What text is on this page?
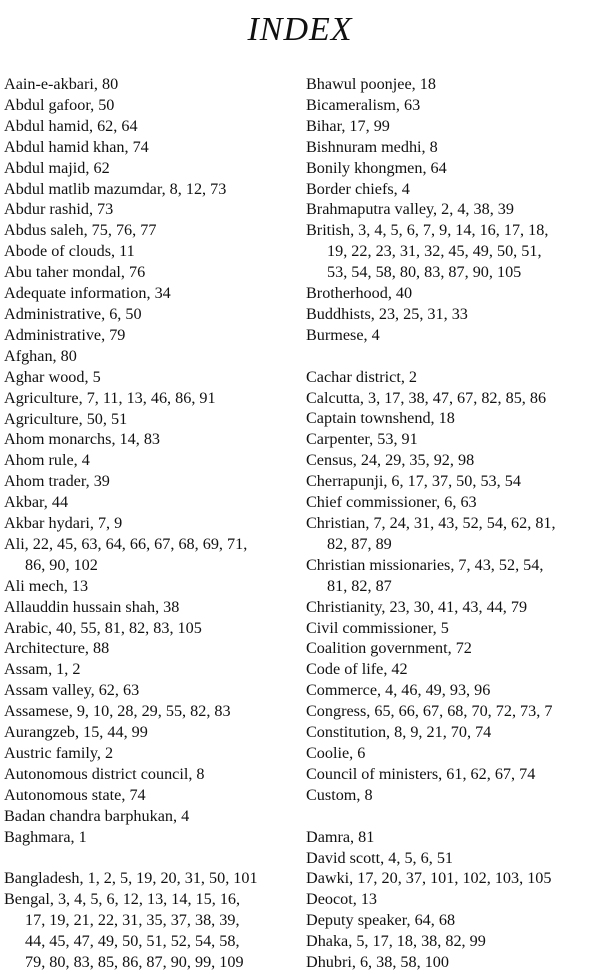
INDEX
Aain-e-akbari, 80
Abdul gafoor, 50
Abdul hamid, 62, 64
Abdul hamid khan, 74
Abdul majid, 62
Abdul matlib mazumdar, 8, 12, 73
Abdur rashid, 73
Abdus saleh, 75, 76, 77
Abode of clouds, 11
Abu taher mondal, 76
Adequate information, 34
Administrative, 6, 50
Administrative, 79
Afghan, 80
Aghar wood, 5
Agriculture, 7, 11, 13, 46, 86, 91
Agriculture, 50, 51
Ahom monarchs, 14, 83
Ahom rule, 4
Ahom trader, 39
Akbar, 44
Akbar hydari, 7, 9
Ali, 22, 45, 63, 64, 66, 67, 68, 69, 71,
86, 90, 102
Ali mech, 13
Allauddin hussain shah, 38
Arabic, 40, 55, 81, 82, 83, 105
Architecture, 88
Assam, 1, 2
Assam valley, 62, 63
Assamese, 9, 10, 28, 29, 55, 82, 83
Aurangzeb, 15, 44, 99
Austric family, 2
Autonomous district council, 8
Autonomous state, 74
Badan chandra barphukan, 4
Baghmara, 1
Bangladesh, 1, 2, 5, 19, 20, 31, 50, 101
Bengal, 3, 4, 5, 6, 12, 13, 14, 15, 16,
17, 19, 21, 22, 31, 35, 37, 38, 39,
44, 45, 47, 49, 50, 51, 52, 54, 58,
79, 80, 83, 85, 86, 87, 90, 99, 109
Bhawul poonjee, 18
Bicameralism, 63
Bihar, 17, 99
Bishnuram medhi, 8
Bonily khongmen, 64
Border chiefs, 4
Brahmaputra valley, 2, 4, 38, 39
British, 3, 4, 5, 6, 7, 9, 14, 16, 17, 18,
19, 22, 23, 31, 32, 45, 49, 50, 51,
53, 54, 58, 80, 83, 87, 90, 105
Brotherhood, 40
Buddhists, 23, 25, 31, 33
Burmese, 4
Cachar district, 2
Calcutta, 3, 17, 38, 47, 67, 82, 85, 86
Captain townshend, 18
Carpenter, 53, 91
Census, 24, 29, 35, 92, 98
Cherrapunji, 6, 17, 37, 50, 53, 54
Chief commissioner, 6, 63
Christian, 7, 24, 31, 43, 52, 54, 62, 81,
82, 87, 89
Christian missionaries, 7, 43, 52, 54,
81, 82, 87
Christianity, 23, 30, 41, 43, 44, 79
Civil commissioner, 5
Coalition government, 72
Code of life, 42
Commerce, 4, 46, 49, 93, 96
Congress, 65, 66, 67, 68, 70, 72, 73, 7
Constitution, 8, 9, 21, 70, 74
Coolie, 6
Council of ministers, 61, 62, 67, 74
Custom, 8
Damra, 81
David scott, 4, 5, 6, 51
Dawki, 17, 20, 37, 101, 102, 103, 105
Deocot, 13
Deputy speaker, 64, 68
Dhaka, 5, 17, 18, 38, 82, 99
Dhubri, 6, 38, 58, 100
